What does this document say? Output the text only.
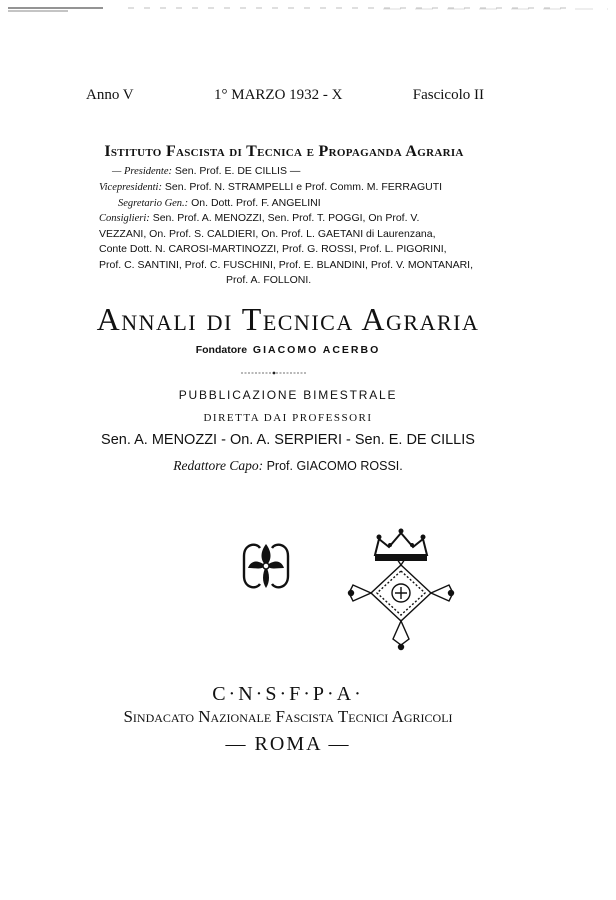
Anno V	1° MARZO 1932 - X	Fascicolo II
Istituto Fascista di Tecnica e Propaganda Agraria
— Presidente: Sen. Prof. E. DE CILLIS —
Vicepresidenti: Sen. Prof. N. STRAMPELLI e Prof. Comm. M. FERRAGUTI
Segretario Gen.: On. Dott. Prof. F. ANGELINI
Consiglieri: Sen. Prof. A. MENOZZI, Sen. Prof. T. POGGI, On Prof. V.
VEZZANI, On. Prof. S. CALDIERI, On. Prof. L. GAETANI di Laurenzana,
Conte Dott. N. CAROSI-MARTINOZZI, Prof. G. ROSSI, Prof. L. PIGORINI,
Prof. C. SANTINI, Prof. C. FUSCHINI, Prof. E. BLANDINI, Prof. V. MONTANARI,
Prof. A. FOLLONI.
Annali di Tecnica Agraria
Fondatore GIACOMO ACERBO
PUBBLICAZIONE BIMESTRALE
DIRETTA DAI PROFESSORI
Sen. A. MENOZZI - On. A. SERPIERI - Sen. E. DE CILLIS
Redattore Capo: Prof. GIACOMO ROSSI.
C·N·S·F·P·A·
Sindacato Nazionale Fascista Tecnici Agricoli
— ROMA —
